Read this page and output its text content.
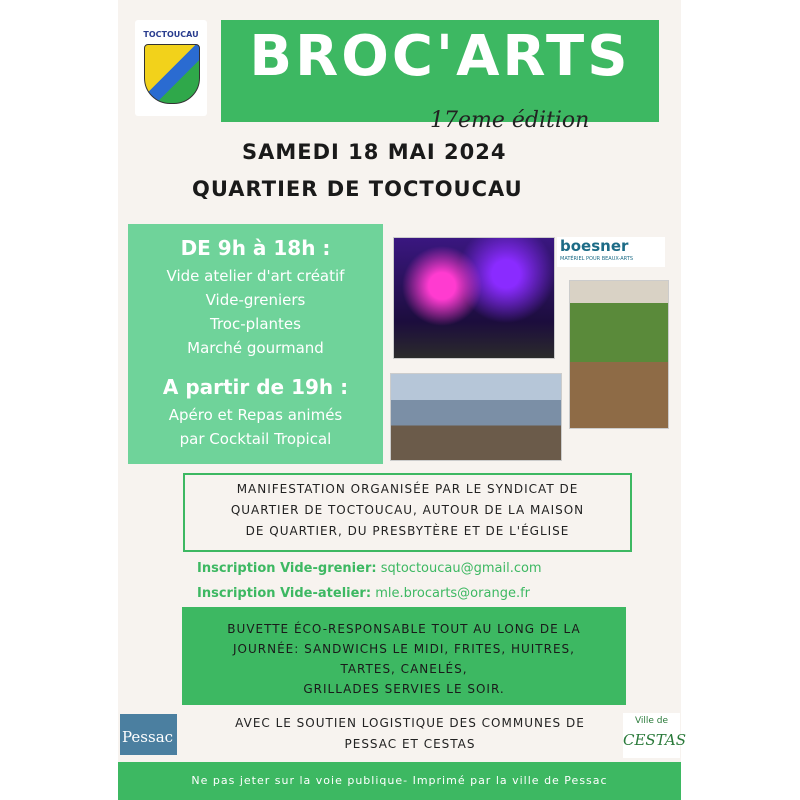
TOCTOUCAU BROC'ARTS
17eme édition
SAMEDI 18 MAI 2024
QUARTIER DE TOCTOUCAU
DE 9h à 18h :
Vide atelier d'art créatif
Vide-greniers
Troc-plantes
Marché gourmand
A partir de 19h :
Apéro et Repas animés
par Cocktail Tropical
boesner
MATÉRIEL POUR BEAUX-ARTS
MANIFESTATION ORGANISÉE PAR LE SYNDICAT DE
QUARTIER DE TOCTOUCAU, AUTOUR DE LA MAISON
DE QUARTIER, DU PRESBYTÈRE ET DE L'ÉGLISE
Inscription Vide-grenier: sqtoctoucau@gmail.com
Inscription Vide-atelier: mle.brocarts@orange.fr
BUVETTE ÉCO-RESPONSABLE TOUT AU LONG DE LA
JOURNÉE: SANDWICHS LE MIDI, FRITES, HUITRES,
TARTES, CANELÉS,
GRILLADES SERVIES LE SOIR.
Pessac
AVEC LE SOUTIEN LOGISTIQUE DES COMMUNES DE
PESSAC ET CESTAS
Ville de
CESTAS
Ne pas jeter sur la voie publique- Imprimé par la ville de Pessac
